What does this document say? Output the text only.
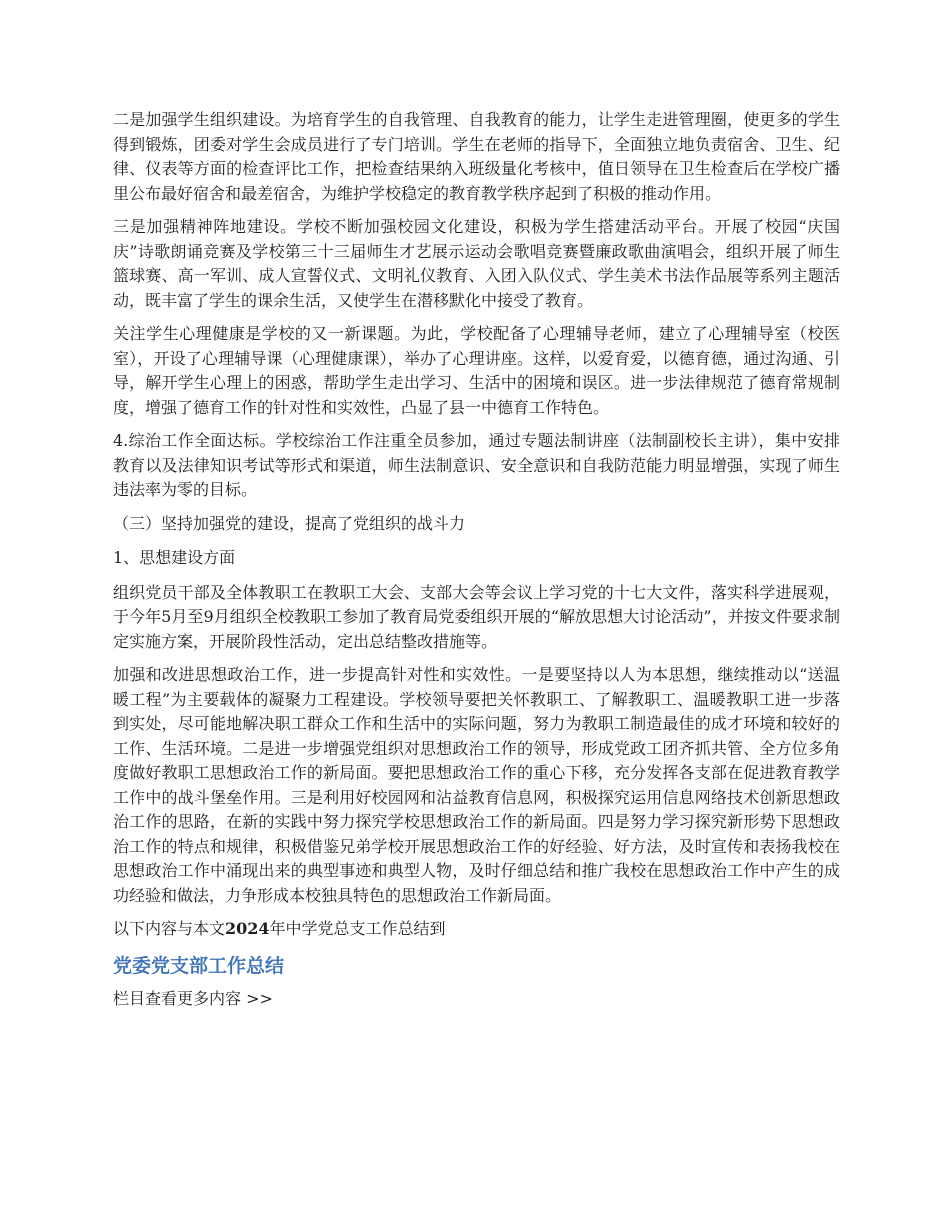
二是加强学生组织建设。为培育学生的自我管理、自我教育的能力，让学生走进管理圈，使更多的学生得到锻炼，团委对学生会成员进行了专门培训。学生在老师的指导下，全面独立地负责宿舍、卫生、纪律、仪表等方面的检查评比工作，把检查结果纳入班级量化考核中，值日领导在卫生检查后在学校广播里公布最好宿舍和最差宿舍，为维护学校稳定的教育教学秩序起到了积极的推动作用。

三是加强精神阵地建设。学校不断加强校园文化建设，积极为学生搭建活动平台。开展了校园“庆国庆”诗歌朗诵竞赛及学校第三十三届师生才艺展示运动会歌唱竞赛暨廉政歌曲演唱会，组织开展了师生篮球赛、高一军训、成人宣誓仪式、文明礼仪教育、入团入队仪式、学生美术书法作品展等系列主题活动，既丰富了学生的课余生活，又使学生在潜移默化中接受了教育。

关注学生心理健康是学校的又一新课题。为此，学校配备了心理辅导老师，建立了心理辅导室（校医室），开设了心理辅导课（心理健康课），举办了心理讲座。这样，以爱育爱，以德育德，通过沟通、引导，解开学生心理上的困惑，帮助学生走出学习、生活中的困境和误区。进一步法律规范了德育常规制度，增强了德育工作的针对性和实效性，凸显了县一中德育工作特色。

4.综治工作全面达标。学校综治工作注重全员参加，通过专题法制讲座（法制副校长主讲），集中安排教育以及法律知识考试等形式和渠道，师生法制意识、安全意识和自我防范能力明显增强，实现了师生违法率为零的目标。

（三）坚持加强党的建设，提高了党组织的战斗力

1、思想建设方面

组织党员干部及全体教职工在教职工大会、支部大会等会议上学习党的十七大文件，落实科学进展观，于今年5月至9月组织全校教职工参加了教育局党委组织开展的“解放思想大讨论活动”，并按文件要求制定实施方案，开展阶段性活动，定出总结整改措施等。

加强和改进思想政治工作，进一步提高针对性和实效性。一是要坚持以人为本思想，继续推动以“送温暖工程”为主要载体的凝聚力工程建设。学校领导要把关怀教职工、了解教职工、温暖教职工进一步落到实处，尽可能地解决职工群众工作和生活中的实际问题，努力为教职工制造最佳的成才环境和较好的工作、生活环境。二是进一步增强党组织对思想政治工作的领导，形成党政工团齐抓共管、全方位多角度做好教职工思想政治工作的新局面。要把思想政治工作的重心下移，充分发挥各支部在促进教育教学工作中的战斗堡垒作用。三是利用好校园网和沾益教育信息网，积极探究运用信息网络技术创新思想政治工作的思路，在新的实践中努力探究学校思想政治工作的新局面。四是努力学习探究新形势下思想政治工作的特点和规律，积极借鉴兄弟学校开展思想政治工作的好经验、好方法，及时宣传和表扬我校在思想政治工作中涌现出来的典型事迹和典型人物，及时仔细总结和推广我校在思想政治工作中产生的成功经验和做法，力争形成本校独具特色的思想政治工作新局面。

以下内容与本文2024年中学党总支工作总结到

党委党支部工作总结

栏目查看更多内容 >>
